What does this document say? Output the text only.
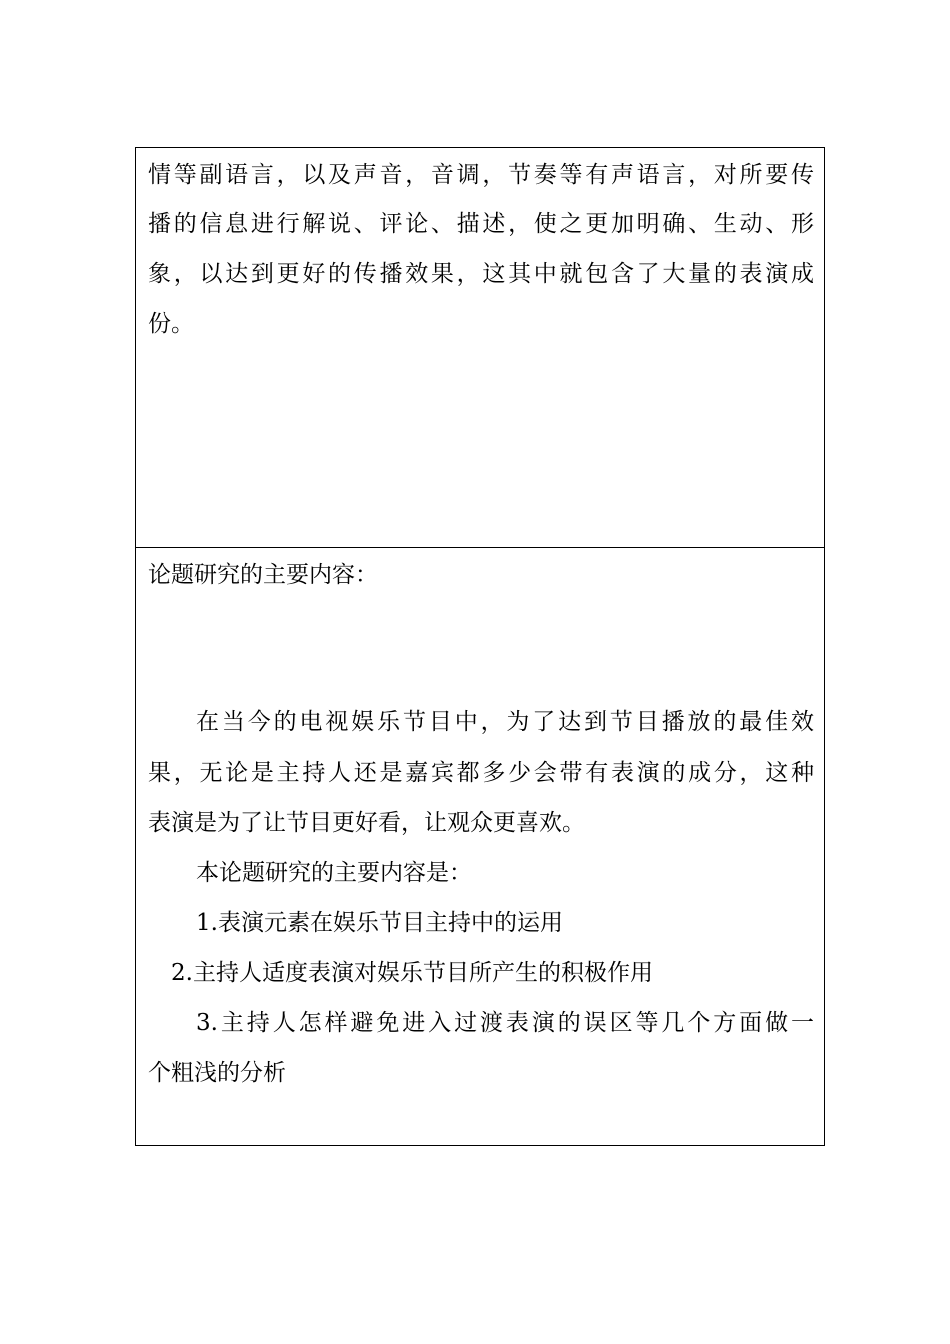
情等副语言，以及声音，音调，节奏等有声语言，对所要传
播的信息进行解说、评论、描述，使之更加明确、生动、形
象，以达到更好的传播效果，这其中就包含了大量的表演成
份。
论题研究的主要内容：
在当今的电视娱乐节目中，为了达到节目播放的最佳效
果，无论是主持人还是嘉宾都多少会带有表演的成分，这种
表演是为了让节目更好看，让观众更喜欢。
本论题研究的主要内容是：
1.表演元素在娱乐节目主持中的运用
2.主持人适度表演对娱乐节目所产生的积极作用
3.主持人怎样避免进入过渡表演的误区等几个方面做一
个粗浅的分析
